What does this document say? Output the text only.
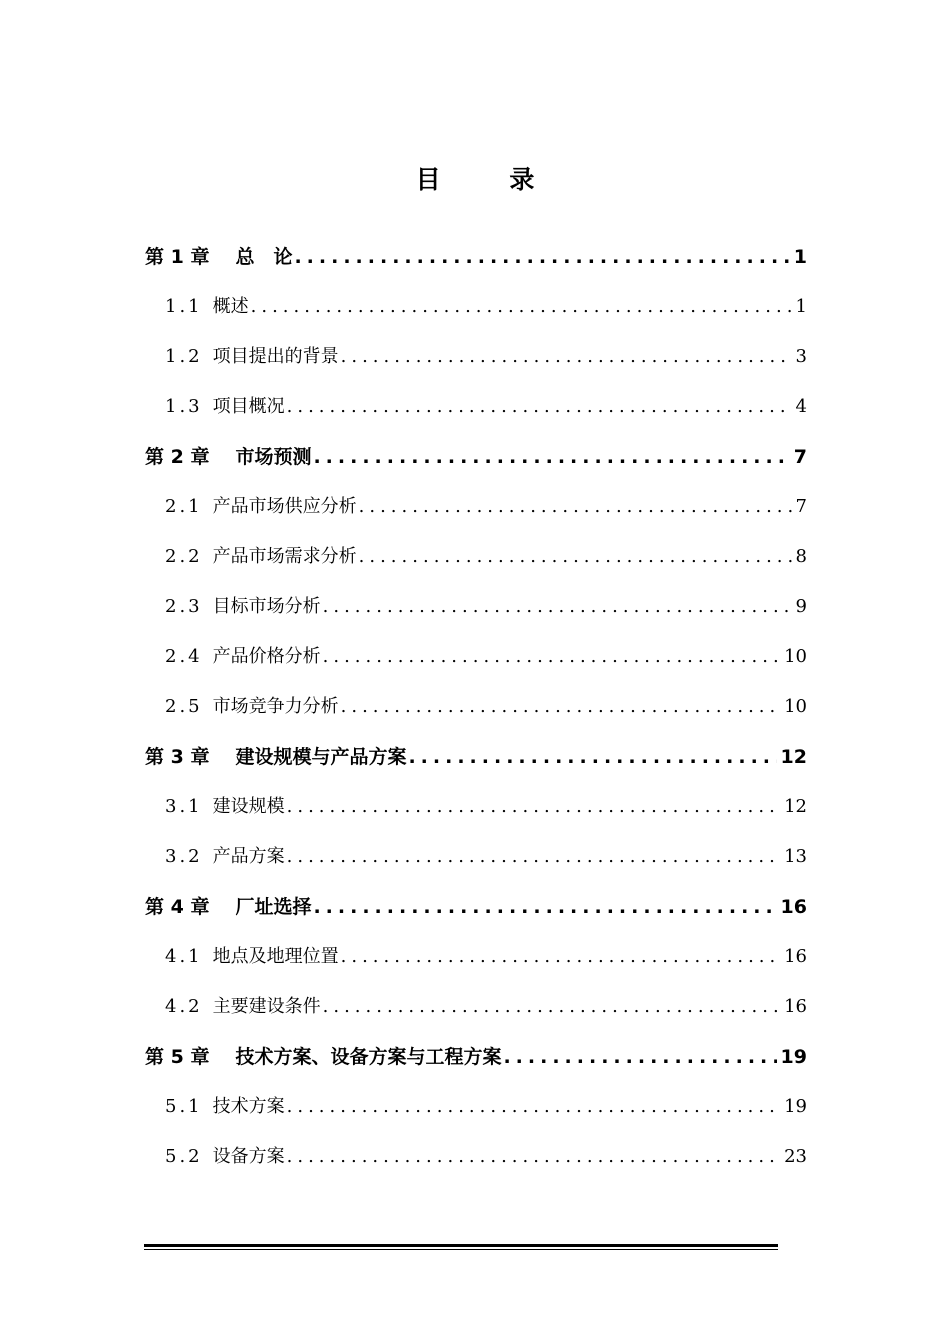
目 录
第 1 章 总　论 .....	1
1.1 概述 .....	1
1.2 项目提出的背景 .....	3
1.3 项目概况 .....	4
第 2 章 市场预测 .....	7
2.1 产品市场供应分析 .....	7
2.2 产品市场需求分析 .....	8
2.3 目标市场分析 .....	9
2.4 产品价格分析 .....	10
2.5 市场竞争力分析 .....	10
第 3 章 建设规模与产品方案 .....	12
3.1 建设规模 .....	12
3.2 产品方案 .....	13
第 4 章 厂址选择 .....	16
4.1 地点及地理位置 .....	16
4.2 主要建设条件 .....	16
第 5 章 技术方案、设备方案与工程方案 .....	19
5.1 技术方案 .....	19
5.2 设备方案 .....	23
